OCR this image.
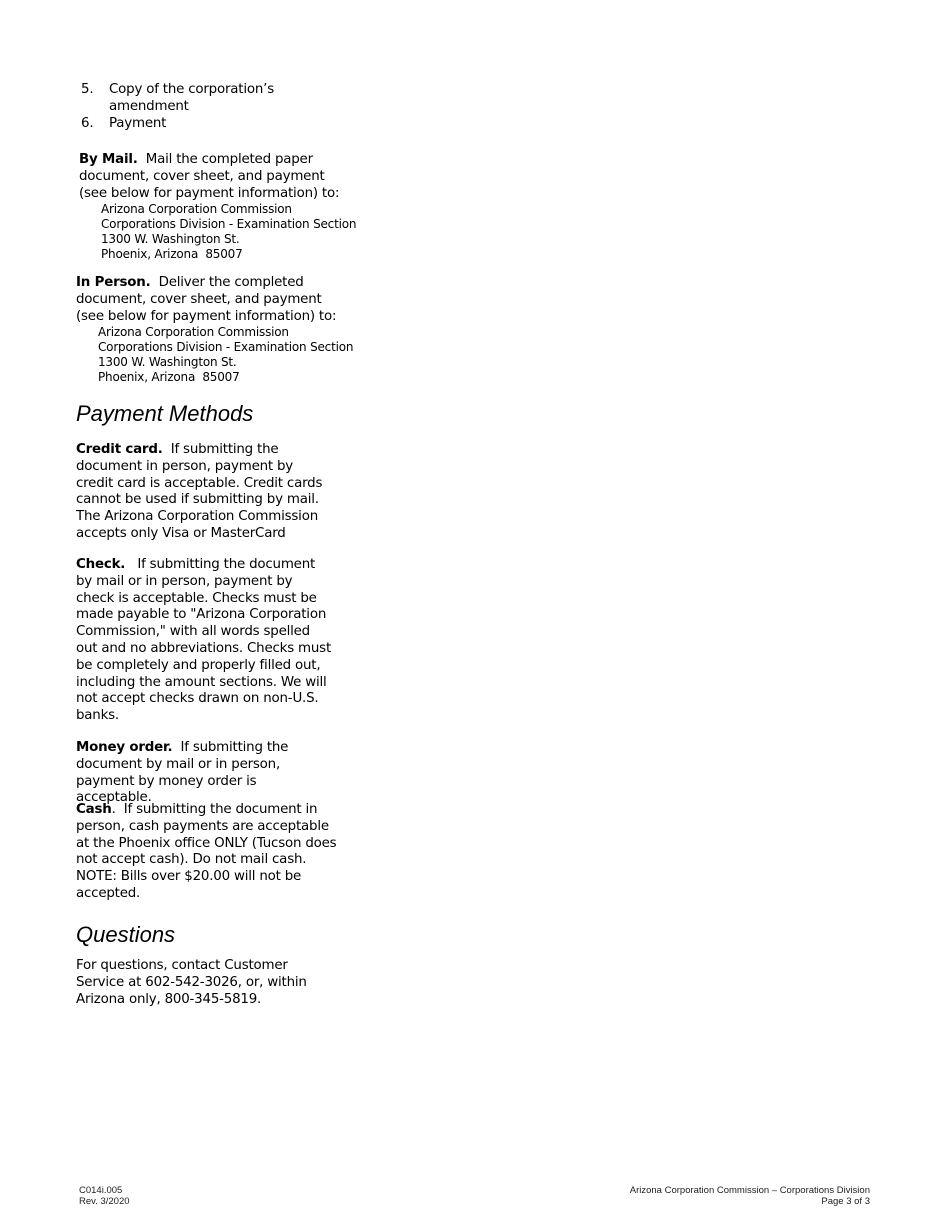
5.	Copy of the corporation’s amendment
6.	Payment
By Mail.  Mail the completed paper document, cover sheet, and payment (see below for payment information) to:
Arizona Corporation Commission
Corporations Division - Examination Section
1300 W. Washington St.
Phoenix, Arizona  85007
In Person.  Deliver the completed document, cover sheet, and payment (see below for payment information) to:
Arizona Corporation Commission
Corporations Division - Examination Section
1300 W. Washington St.
Phoenix, Arizona  85007
Payment Methods
Credit card.  If submitting the document in person, payment by credit card is acceptable. Credit cards cannot be used if submitting by mail. The Arizona Corporation Commission accepts only Visa or MasterCard
Check.   If submitting the document by mail or in person, payment by check is acceptable. Checks must be made payable to "Arizona Corporation Commission," with all words spelled out and no abbreviations. Checks must be completely and properly filled out, including the amount sections. We will not accept checks drawn on non-U.S. banks.
Money order.  If submitting the document by mail or in person, payment by money order is acceptable.
Cash.  If submitting the document in person, cash payments are acceptable at the Phoenix office ONLY (Tucson does not accept cash). Do not mail cash. NOTE: Bills over $20.00 will not be accepted.
Questions
For questions, contact Customer Service at 602-542-3026, or, within Arizona only, 800-345-5819.
C014i.005
Rev. 3/2020
Arizona Corporation Commission – Corporations Division
Page 3 of 3
